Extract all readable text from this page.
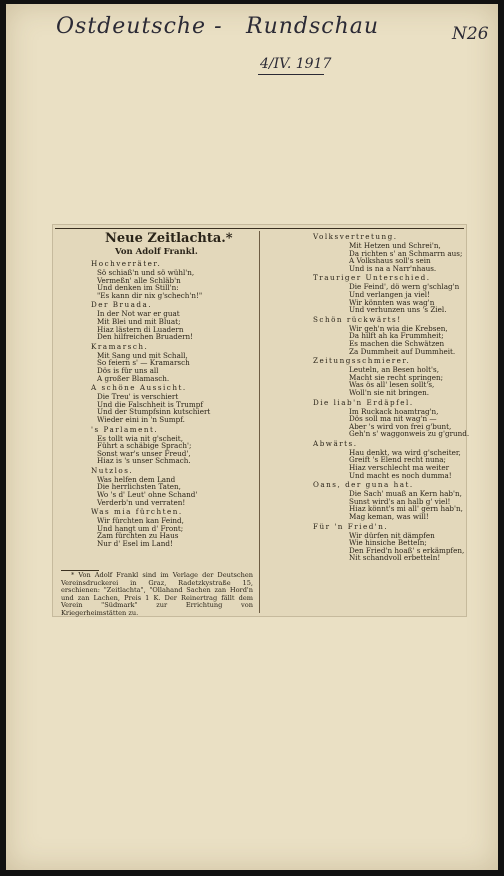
Ostdeutsche - Rundschau	N26
4/IV. 1917
Neue Zeitlachta.*
Von Adolf Frankl.
Hochverräter.
Sö schiaß'n und sö wühl'n,
Vermeßn' alle Schläb'n
Und denken im Still'n:
"Es kann dir nix g'schech'n!"
Der Bruada.
In der Not war er guat
Mit Blei und mit Bluat;
Hiaz lästern di Luadern
Den hilfreichen Bruadern!
Kramarsch.
Mit Sang und mit Schall,
So feiern s' — Kramarsch
Dös is für uns all
A großer Blamasch.
A schöne Aussicht.
Die Treu' is verschiert
Und die Falschheit is Trumpf
Und der Stumpfsinn kutschiert
Wieder eini in 'n Sumpf.
's Parlament.
Es tollt wia nit g'scheit,
Führt a schäbige Sprach';
Sonst war's unser Freud',
Hiaz is 's unser Schmach.
Nutzlos.
Was helfen dem Land
Die herrlichsten Taten,
Wo 's d' Leut' ohne Schand'
Verderb'n und verraten!
Was mia fürchten.
Wir fürchten kan Feind,
Und hangt um d' Front;
Zam fürchten zu Haus
Nur d' Esel im Land!
Volksvertretung.
Mit Hetzen und Schrei'n,
Da richten s' an Schmarrn aus;
A Volkshaus soll's sein
Und is na a Narr'nhaus.
Trauriger Unterschied.
Die Feind', dö wern g'schlag'n
Und verlangen ja viel!
Wir könnten was wag'n
Und verhunzen uns 's Ziel.
Schön rückwärts!
Wir geh'n wia die Krebsen,
Da hilft ah ka Frummheit;
Es machen die Schwätzen
Za Dummheit auf Dummheit.
Zeitungsschmierer.
Leuteln, an Besen holt's,
Macht sie recht springen;
Was ös all' lesen sollt's,
Woll'n sie nit bringen.
Die liab'n Erdäpfel.
Im Ruckack hoamtrag'n,
Dös soll ma nit wag'n —
Aber 's wird von frei g'bunt,
Geh'n s' waggonweis zu g'grund.
Abwärts.
Hau denkt, wa wird g'scheiter,
Greift 's Elend recht nuna;
Hiaz verschlecht ma weiter
Und macht es noch dumma!
Oans, der guna hat.
Die Sach' muaß an Kern hab'n,
Sunst wird's an halb g' viel!
Hiaz könnt's mi all' gern hab'n,
Mag keman, was will!
Für 'n Fried'n.
Wir dürfen nit dämpfen
Wie hinsiche Betteln;
Den Fried'n hoaß' s erkämpfen,
Nit schandvoll erbetteln!
* Von Adolf Frankl sind im Verlage der Deutschen Vereinsdruckerei in Graz, Radetzkystraße 15, erschienen: "Zeitlachta", "Ollahand Sachen zan Hord'n und zan Lachen, Preis 1 K. Der Reinertrag fällt dem Verein "Südmark" zur Errichtung von Kriegerheimstätten zu.
